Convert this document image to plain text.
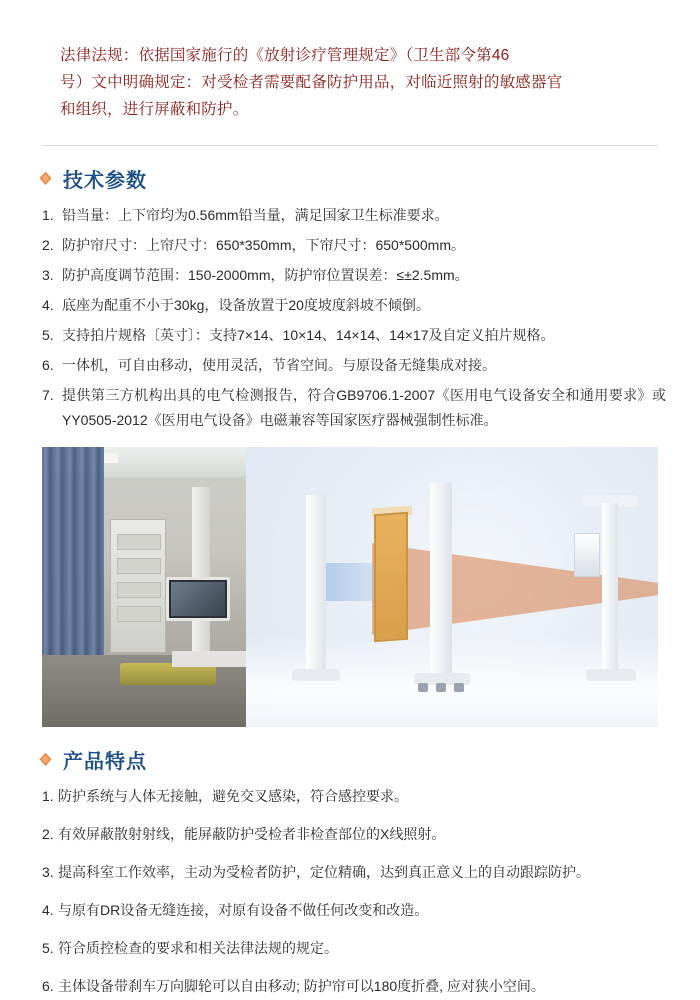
法律法规：依据国家施行的《放射诊疗管理规定》（卫生部令第46
号）文中明确规定：对受检者需要配备防护用品，对临近照射的敏感器官
和组织，进行屏蔽和防护。
技术参数
1. 铅当量：上下帘均为0.56mm铅当量，满足国家卫生标准要求。
2. 防护帘尺寸：上帘尺寸：650*350mm，下帘尺寸：650*500mm。
3. 防护高度调节范围：150-2000mm，防护帘位置误差：≤±2.5mm。
4. 底座为配重不小于30kg，设备放置于20度坡度斜坡不倾倒。
5. 支持拍片规格〔英寸〕：支持7×14、10×14、14×14、14×17及自定义拍片规格。
6. 一体机，可自由移动，使用灵活，节省空间。与原设备无缝集成对接。
7. 提供第三方机构出具的电气检测报告，符合GB9706.1-2007《医用电气设备安全和通用要求》或YY0505-2012《医用电气设备》电磁兼容等国家医疗器械强制性标准。
产品特点
1. 防护系统与人体无接触，避免交叉感染，符合感控要求。
2. 有效屏蔽散射射线，能屏蔽防护受检者非检查部位的X线照射。
3. 提高科室工作效率，主动为受检者防护，定位精确，达到真正意义上的自动跟踪防护。
4. 与原有DR设备无缝连接，对原有设备不做任何改变和改造。
5. 符合质控检查的要求和相关法律法规的规定。
6. 主体设备带刹车万向脚轮可以自由移动; 防护帘可以180度折叠, 应对狭小空间。
